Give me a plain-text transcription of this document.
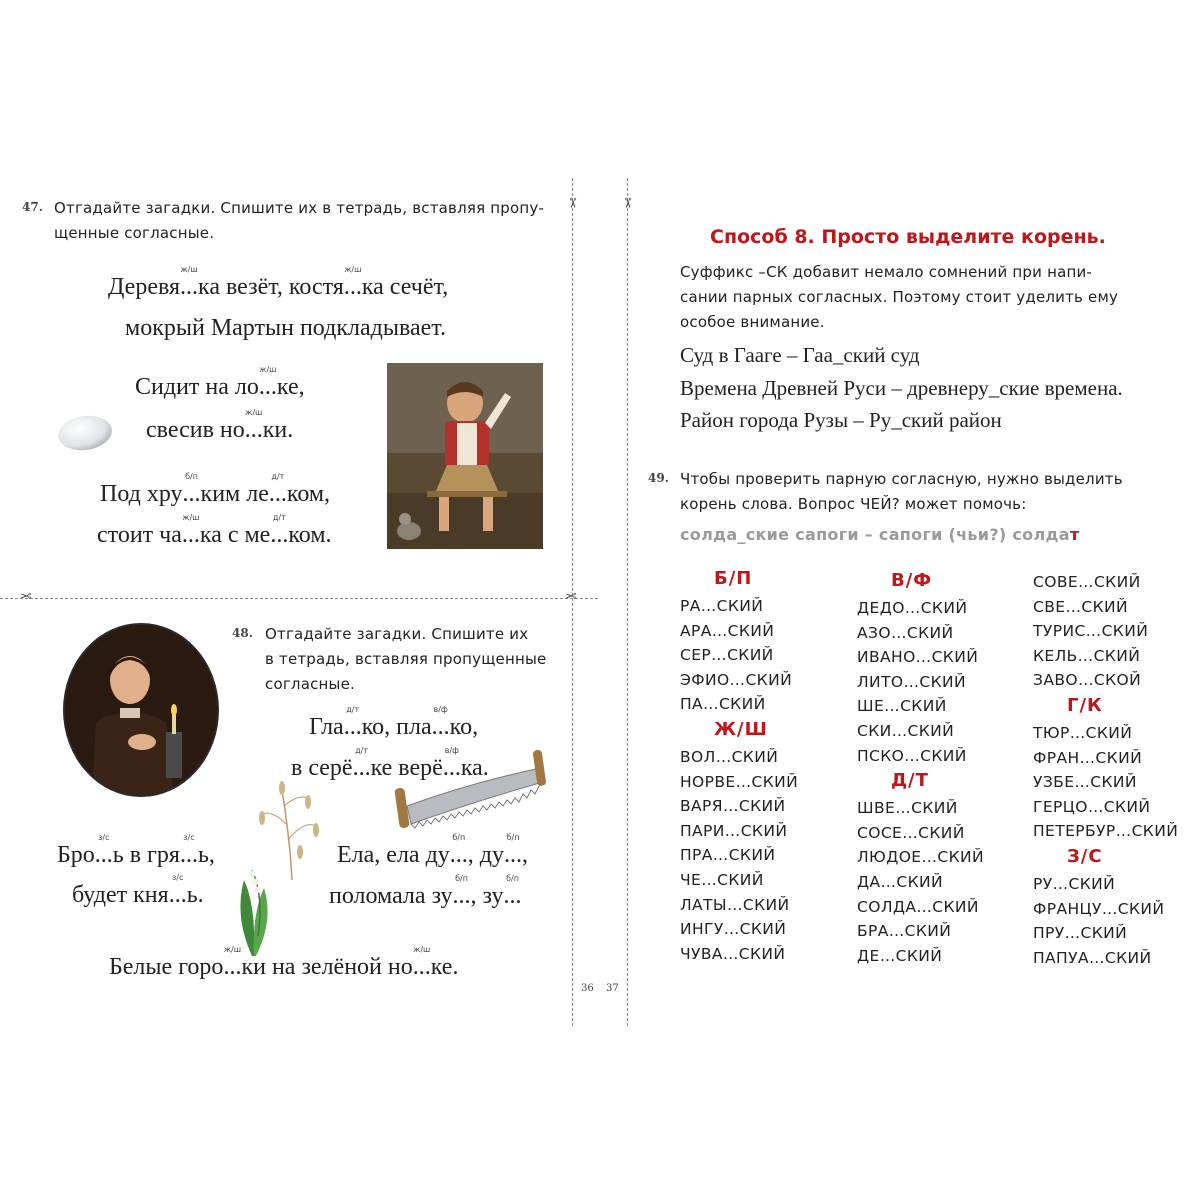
✂	✂
✂	✂
47. Отгадайте загадки. Спишите их в тетрадь, вставляя пропу-
щенные согласные.
Деревя
ж/ш
...ка везёт, костя
ж/ш
...ка сечёт,
мокрый Мартын подкладывает.
Сидит на ло
ж/ш
...ке,
свесив но
ж/ш
...ки.
Под хру
б/п
...ким ле
д/т
...ком,
стоит ча
ж/ш
...ка с ме
д/т
...ком.
48. Отгадайте загадки. Спишите их
в тетрадь, вставляя пропущенные
согласные.
Гла
д/т
...ко, пла
в/ф
...ко,
в серё
д/т
...ке верё
в/ф
...ка.
Бро
з/с
...ь в гря
з/с
...ь,
будет кня
з/с
...ь.
Ела, ела ду
б/п
..., ду
б/п
...,
поломала зу
б/п
..., зу
б/п
...
Белые горо
ж/ш
...ки на зелёной но
ж/ш
...ке.
36 37
Способ 8. Просто выделите корень.
Суффикс –СК добавит немало сомнений при напи-
сании парных согласных. Поэтому стоит уделить ему
особое внимание.
Суд в Гааге – Гаа_ский суд
Времена Древней Руси – древнеру_ские времена.
Район города Рузы – Ру_ский район
49. Чтобы проверить парную согласную, нужно выделить
корень слова. Вопрос ЧЕЙ? может помочь:
солда_ские сапоги – сапоги (чьи?) солдат
Б/П
РА…СКИЙ
АРА…СКИЙ
СЕР…СКИЙ
ЭФИО…СКИЙ
ПА…СКИЙ
Ж/Ш
ВОЛ…СКИЙ
НОРВЕ…СКИЙ
ВАРЯ…СКИЙ
ПАРИ…СКИЙ
ПРА…СКИЙ
ЧЕ…СКИЙ
ЛАТЫ…СКИЙ
ИНГУ…СКИЙ
ЧУВА…СКИЙ
В/Ф
ДЕДО…СКИЙ
АЗО…СКИЙ
ИВАНО…СКИЙ
ЛИТО…СКИЙ
ШЕ…СКИЙ
СКИ…СКИЙ
ПСКО…СКИЙ
Д/Т
ШВЕ…СКИЙ
СОСЕ…СКИЙ
ЛЮДОЕ…СКИЙ
ДА…СКИЙ
СОЛДА…СКИЙ
БРА…СКИЙ
ДЕ…СКИЙ
СОВЕ…СКИЙ
СВЕ…СКИЙ
ТУРИС…СКИЙ
КЕЛЬ…СКИЙ
ЗАВО…СКОЙ
Г/К
ТЮР…СКИЙ
ФРАН…СКИЙ
УЗБЕ…СКИЙ
ГЕРЦО…СКИЙ
ПЕТЕРБУР…СКИЙ
З/С
РУ…СКИЙ
ФРАНЦУ…СКИЙ
ПРУ…СКИЙ
ПАПУА…СКИЙ
